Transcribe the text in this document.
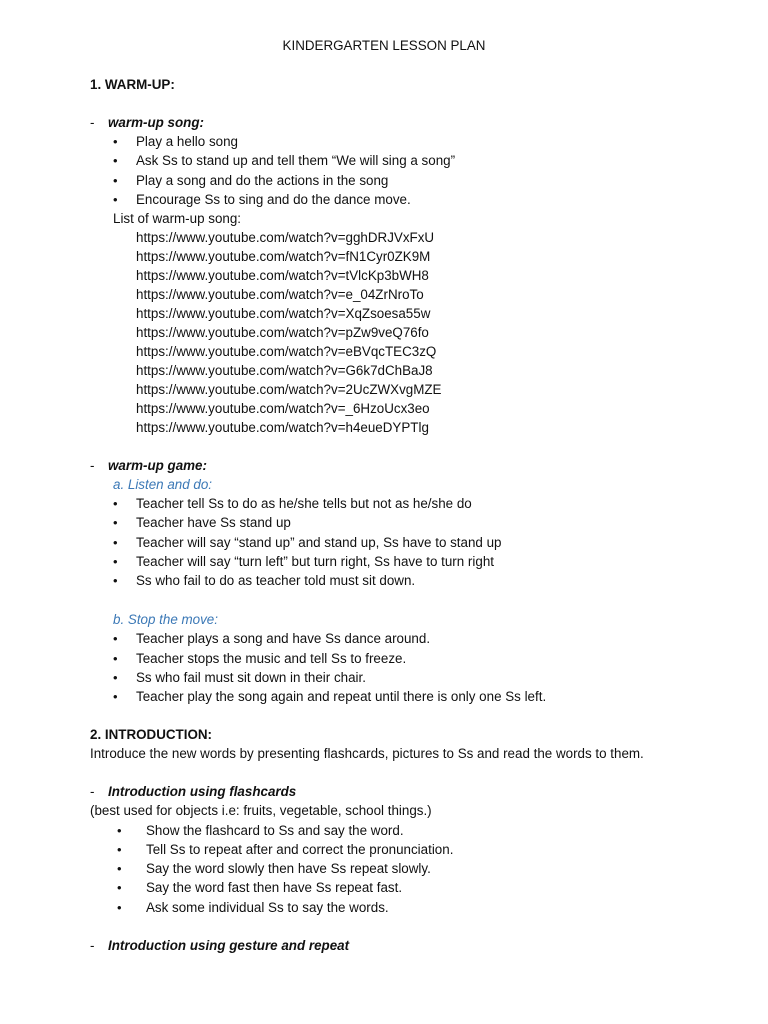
KINDERGARTEN LESSON PLAN
1. WARM-UP:
- warm-up song:
• Play a hello song
• Ask Ss to stand up and tell them “We will sing a song”
• Play a song and do the actions in the song
• Encourage Ss to sing and do the dance move.
List of warm-up song:
https://www.youtube.com/watch?v=gghDRJVxFxU
https://www.youtube.com/watch?v=fN1Cyr0ZK9M
https://www.youtube.com/watch?v=tVlcKp3bWH8
https://www.youtube.com/watch?v=e_04ZrNroTo
https://www.youtube.com/watch?v=XqZsoesa55w
https://www.youtube.com/watch?v=pZw9veQ76fo
https://www.youtube.com/watch?v=eBVqcTEC3zQ
https://www.youtube.com/watch?v=G6k7dChBaJ8
https://www.youtube.com/watch?v=2UcZWXvgMZE
https://www.youtube.com/watch?v=_6HzoUcx3eo
https://www.youtube.com/watch?v=h4eueDYPTlg
- warm-up game:
a. Listen and do:
• Teacher tell Ss to do as he/she tells but not as he/she do
• Teacher have Ss stand up
• Teacher will say “stand up” and stand up, Ss have to stand up
• Teacher will say “turn left” but turn right, Ss have to turn right
• Ss who fail to do as teacher told must sit down.
b. Stop the move:
• Teacher plays a song and have Ss dance around.
• Teacher stops the music and tell Ss to freeze.
• Ss who fail must sit down in their chair.
• Teacher play the song again and repeat until there is only one Ss left.
2. INTRODUCTION:
Introduce the new words by presenting flashcards, pictures to Ss and read the words to them.
- Introduction using flashcards
(best used for objects i.e: fruits, vegetable, school things.)
• Show the flashcard to Ss and say the word.
• Tell Ss to repeat after and correct the pronunciation.
• Say the word slowly then have Ss repeat slowly.
• Say the word fast then have Ss repeat fast.
• Ask some individual Ss to say the words.
- Introduction using gesture and repeat
